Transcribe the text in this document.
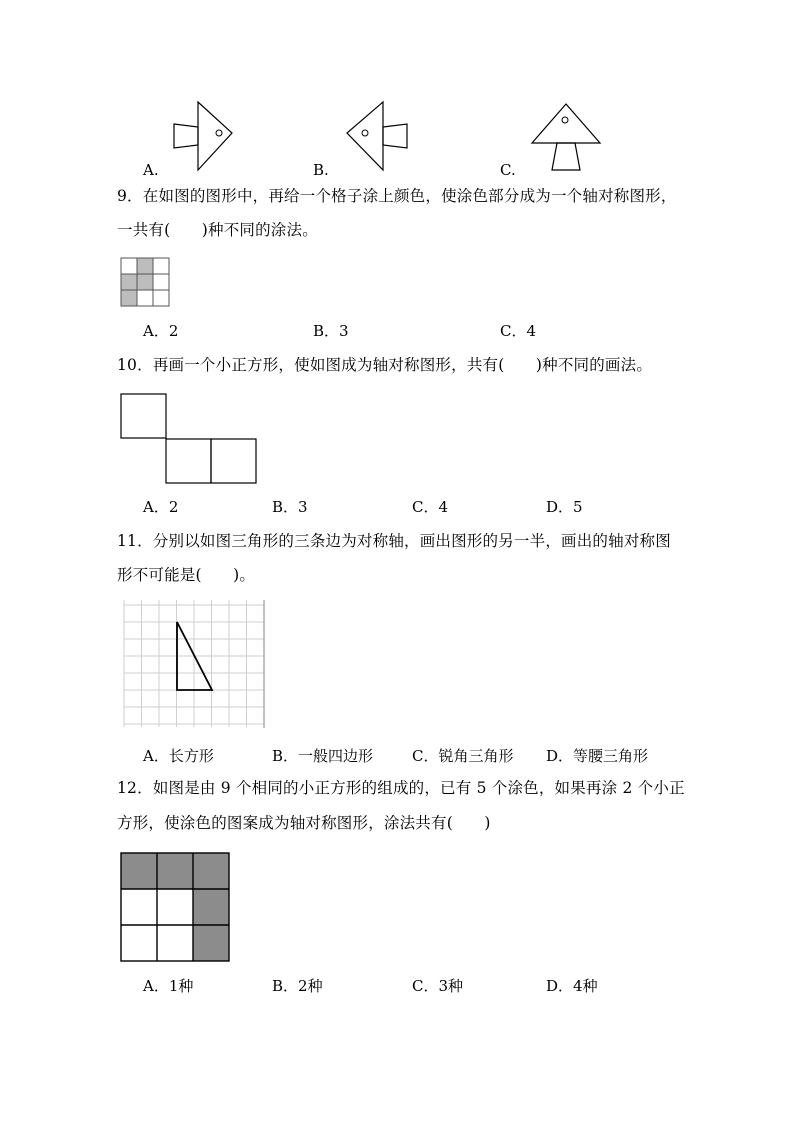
A.	B.	C.
9．在如图的图形中，再给一个格子涂上颜色，使涂色部分成为一个轴对称图形，
一共有(　　)种不同的涂法。
A．2	B．3	C．4
10．再画一个小正方形，使如图成为轴对称图形，共有(　　)种不同的画法。
A．2	B．3	C．4	D．5
11．分别以如图三角形的三条边为对称轴，画出图形的另一半，画出的轴对称图
形不可能是(　　)。
A．长方形	B．一般四边形	C．锐角三角形 D．等腰三角形
12．如图是由 9 个相同的小正方形的组成的，已有 5 个涂色，如果再涂 2 个小正
方形，使涂色的图案成为轴对称图形，涂法共有(　　)
A．1种	B．2种	C．3种	D．4种
